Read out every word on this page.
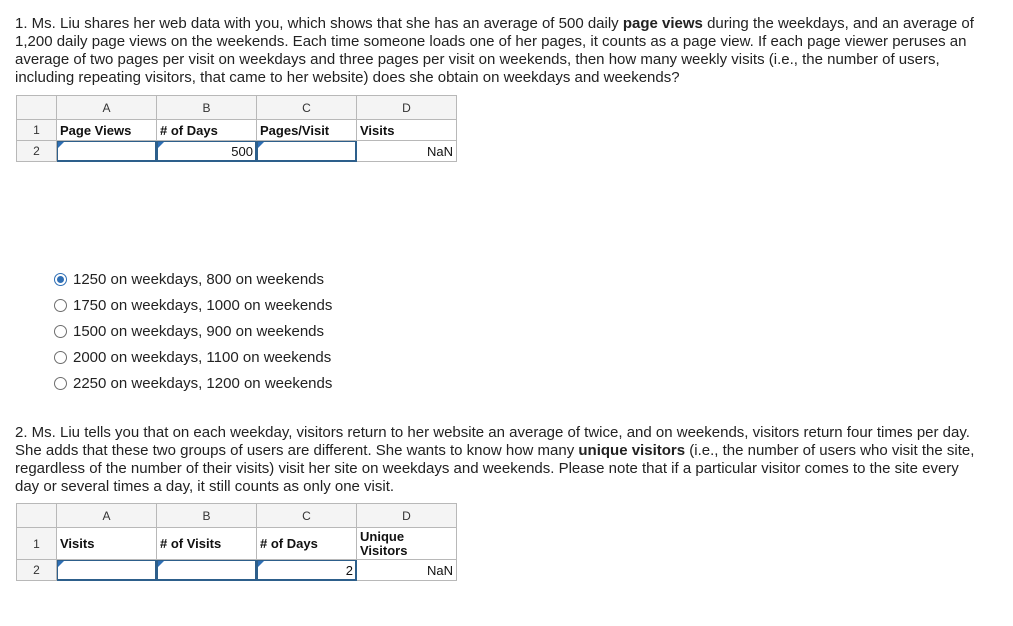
1. Ms. Liu shares her web data with you, which shows that she has an average of 500 daily page views during the weekdays, and an average of 1,200 daily page views on the weekends. Each time someone loads one of her pages, it counts as a page view. If each page viewer peruses an average of two pages per visit on weekdays and three pages per visit on weekends, then how many weekly visits (i.e., the number of users, including repeating visitors, that came to her website) does she obtain on weekdays and weekends?

	A	B	C	D
1	Page Views	# of Days	Pages/Visit	Visits
2		500		NaN
1250 on weekdays, 800 on weekends
1750 on weekdays, 1000 on weekends
1500 on weekdays, 900 on weekends
2000 on weekdays, 1100 on weekends
2250 on weekdays, 1200 on weekends

2. Ms. Liu tells you that on each weekday, visitors return to her website an average of twice, and on weekends, visitors return four times per day. She adds that these two groups of users are different. She wants to know how many unique visitors (i.e., the number of users who visit the site, regardless of the number of their visits) visit her site on weekdays and weekends. Please note that if a particular visitor comes to the site every day or several times a day, it still counts as only one visit.

	A	B	C	D
1	Visits	# of Visits	# of Days	Unique Visitors
2			2	NaN
